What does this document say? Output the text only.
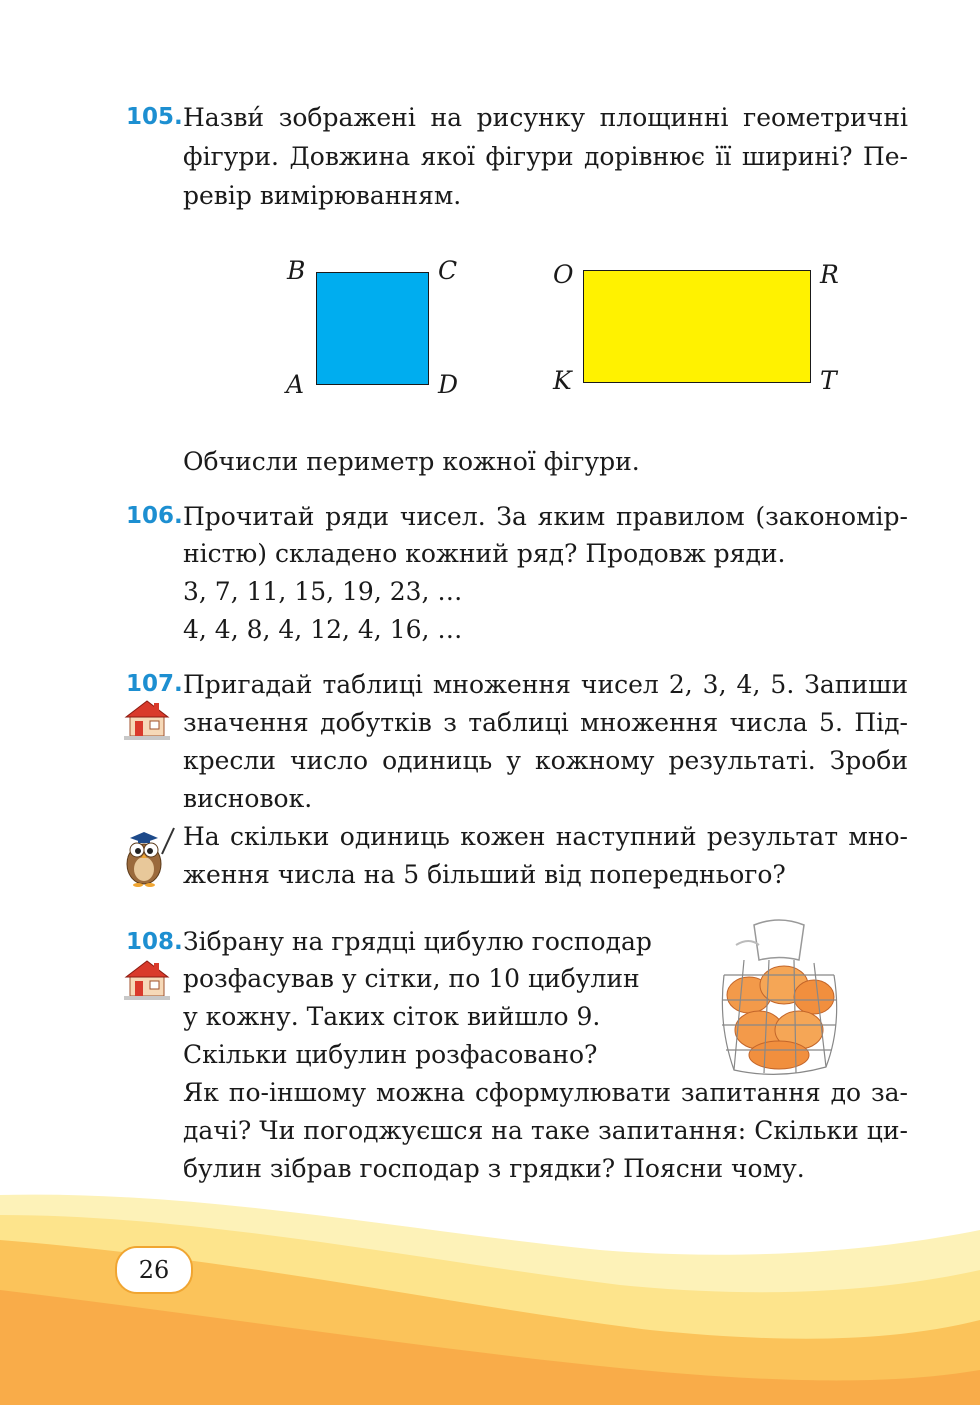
105. Назви́ зображені на рисунку площинні геометричні
фігури. Довжина якої фігури дорівнює її ширині? Пе-
ревір вимірюванням.
B	C
A	D
O	R
K	T
Обчисли периметр кожної фігури.
106. Прочитай ряди чисел. За яким правилом (закономір-
ністю) складено кожний ряд? Продовж ряди.
3, 7, 11, 15, 19, 23, …
4, 4, 8, 4, 12, 4, 16, …
107. Пригадай таблиці множення чисел 2, 3, 4, 5. Запиши
значення добутків з таблиці множення числа 5. Під-
кресли число одиниць у кожному результаті. Зроби
висновок.
На скільки одиниць кожен наступний результат мно-
ження числа на 5 більший від попереднього?
108. Зібрану на грядці цибулю господар
розфасував у сітки, по 10 цибулин
у кожну. Таких сіток вийшло 9.
Скільки цибулин розфасовано?
Як по-іншому можна сформулювати запитання до за-
дачі? Чи погоджуєшся на таке запитання: Скільки ци-
булин зібрав господар з грядки? Поясни чому.
26
